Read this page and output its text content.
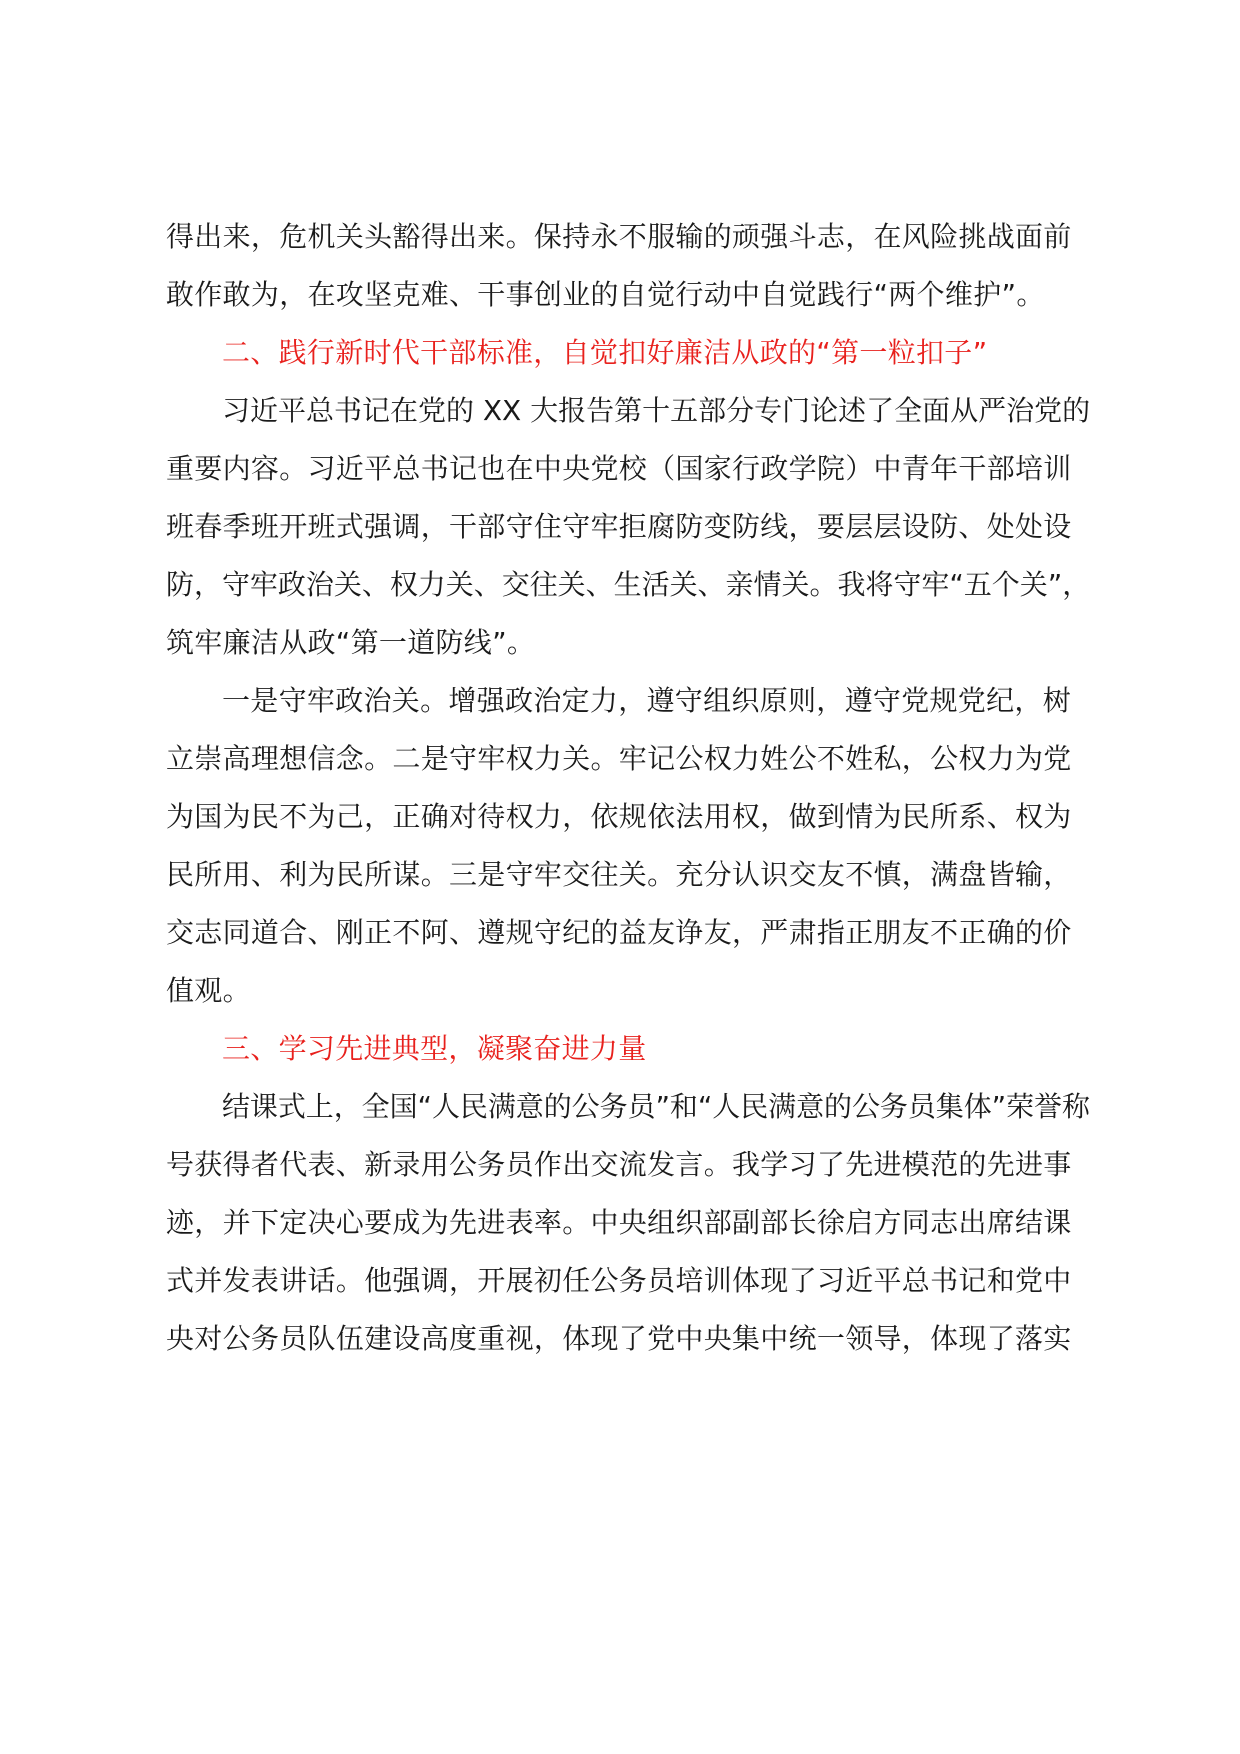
得出来，危机关头豁得出来。保持永不服输的顽强斗志，在风险挑战面前
敢作敢为，在攻坚克难、干事创业的自觉行动中自觉践行“两个维护”。
二、践行新时代干部标准，自觉扣好廉洁从政的“第一粒扣子”
习近平总书记在党的 XX 大报告第十五部分专门论述了全面从严治党的
重要内容。习近平总书记也在中央党校（国家行政学院）中青年干部培训
班春季班开班式强调，干部守住守牢拒腐防变防线，要层层设防、处处设
防，守牢政治关、权力关、交往关、生活关、亲情关。我将守牢“五个关”，
筑牢廉洁从政“第一道防线”。
一是守牢政治关。增强政治定力，遵守组织原则，遵守党规党纪，树
立崇高理想信念。二是守牢权力关。牢记公权力姓公不姓私，公权力为党
为国为民不为己，正确对待权力，依规依法用权，做到情为民所系、权为
民所用、利为民所谋。三是守牢交往关。充分认识交友不慎，满盘皆输，
交志同道合、刚正不阿、遵规守纪的益友诤友，严肃指正朋友不正确的价
值观。
三、学习先进典型，凝聚奋进力量
结课式上，全国“人民满意的公务员”和“人民满意的公务员集体”荣誉称
号获得者代表、新录用公务员作出交流发言。我学习了先进模范的先进事
迹，并下定决心要成为先进表率。中央组织部副部长徐启方同志出席结课
式并发表讲话。他强调，开展初任公务员培训体现了习近平总书记和党中
央对公务员队伍建设高度重视，体现了党中央集中统一领导，体现了落实
